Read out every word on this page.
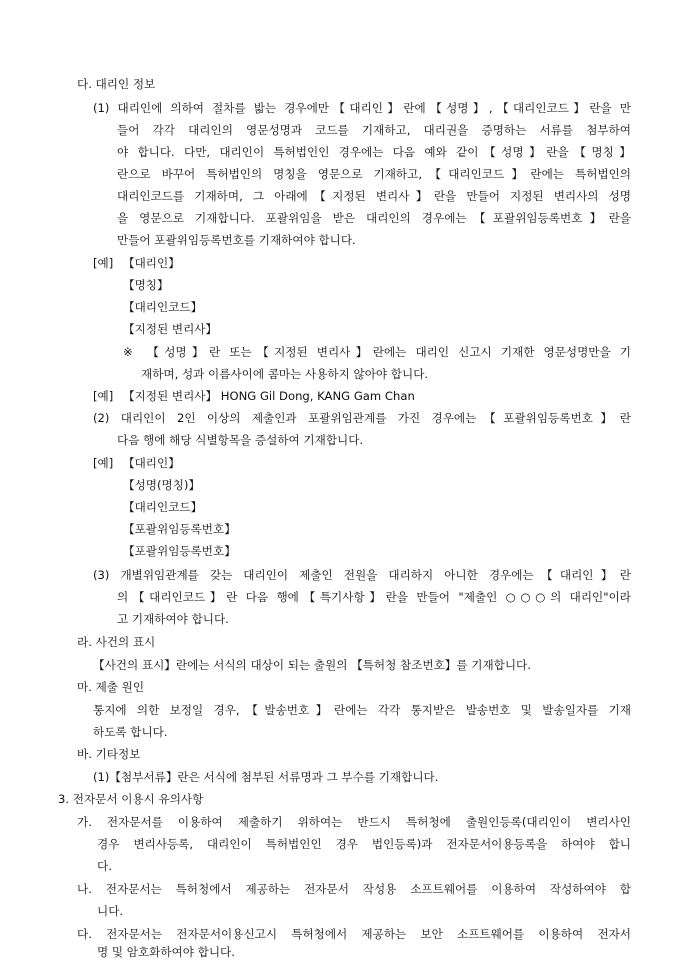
다. 대리인 정보
(1) 대리인에 의하여 절차를 밟는 경우에만【대리인】란에【성명】,【대리인코드】란을 만
들어 각각 대리인의 영문성명과 코드를 기재하고, 대리권을 증명하는 서류를 첨부하여
야 합니다. 다만, 대리인이 특허법인인 경우에는 다음 예와 같이【성명】란을【명칭】
란으로 바꾸어 특허법인의 명칭을 영문으로 기재하고,【대리인코드】란에는 특허법인의
대리인코드를 기재하며, 그 아래에【지정된 변리사】란을 만들어 지정된 변리사의 성명
을 영문으로 기재합니다. 포괄위임을 받은 대리인의 경우에는【포괄위임등록번호】란을
만들어 포괄위임등록번호를 기재하여야 합니다.
[예] 【대리인】
【명칭】
【대리인코드】
【지정된 변리사】
※ 【성명】란 또는【지정된 변리사】란에는 대리인 신고시 기재한 영문성명만을 기
재하며, 성과 이름사이에 콤마는 사용하지 않아야 합니다.
[예] 【지정된 변리사】 HONG Gil Dong, KANG Gam Chan
(2) 대리인이 2인 이상의 제출인과 포괄위임관계를 가진 경우에는【포괄위임등록번호】란
다음 행에 해당 식별항목을 증설하여 기재합니다.
[예] 【대리인】
【성명(명칭)】
【대리인코드】
【포괄위임등록번호】
【포괄위임등록번호】
(3) 개별위임관계를 갖는 대리인이 제출인 전원을 대리하지 아니한 경우에는【대리인】란
의【대리인코드】란 다음 행에【특기사항】란을 만들어 "제출인 ○○○의 대리인"이라
고 기재하여야 합니다.
라. 사건의 표시
【사건의 표시】란에는 서식의 대상이 되는 출원의 【특허청 참조번호】를 기재합니다.
마. 제출 원인
통지에 의한 보정일 경우,【발송번호】란에는 각각 통지받은 발송번호 및 발송일자를 기재
하도록 합니다.
바. 기타정보
(1)【첨부서류】란은 서식에 첨부된 서류명과 그 부수를 기재합니다.
3. 전자문서 이용시 유의사항
가. 전자문서를 이용하여 제출하기 위하여는 반드시 특허청에 출원인등록(대리인이 변리사인
경우 변리사등록, 대리인이 특허법인인 경우 법인등록)과 전자문서이용등록을 하여야 합니
다.
나. 전자문서는 특허청에서 제공하는 전자문서 작성용 소프트웨어를 이용하여 작성하여야 합
니다.
다. 전자문서는 전자문서이용신고시 특허청에서 제공하는 보안 소프트웨어를 이용하여 전자서
명 및 암호화하여야 합니다.
